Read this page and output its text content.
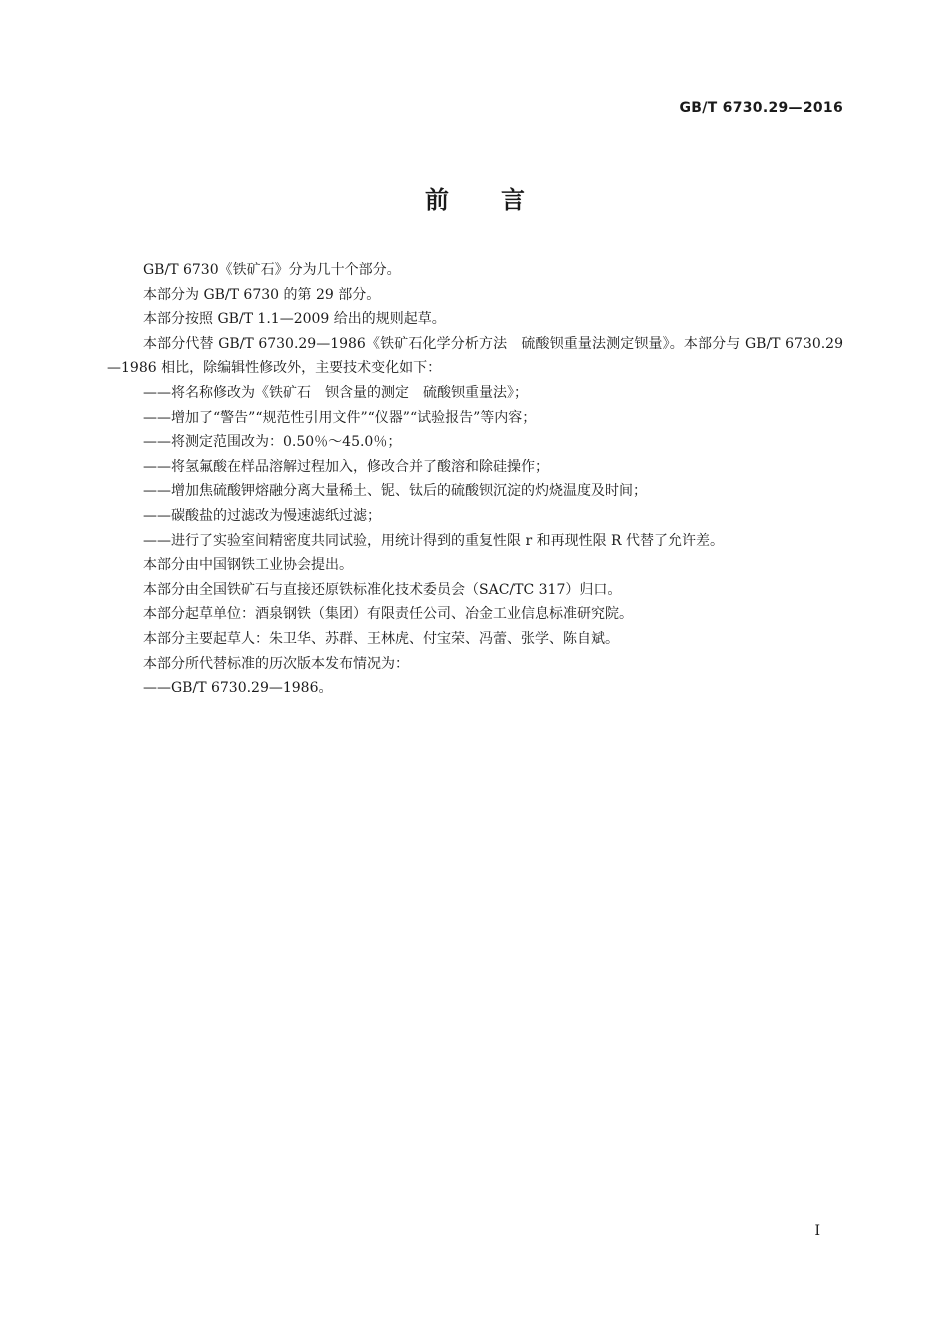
GB/T 6730.29—2016

前言

GB/T 6730《铁矿石》分为几十个部分。

本部分为 GB/T 6730 的第 29 部分。

本部分按照 GB/T 1.1—2009 给出的规则起草。

本部分代替 GB/T 6730.29—1986《铁矿石化学分析方法　硫酸钡重量法测定钡量》。本部分与 GB/T 6730.29—1986 相比，除编辑性修改外，主要技术变化如下：

——将名称修改为《铁矿石　钡含量的测定　硫酸钡重量法》；

——增加了“警告”“规范性引用文件”“仪器”“试验报告”等内容；

——将测定范围改为：0.50％～45.0％；

——将氢氟酸在样品溶解过程加入，修改合并了酸溶和除硅操作；

——增加焦硫酸钾熔融分离大量稀土、铌、钛后的硫酸钡沉淀的灼烧温度及时间；

——碳酸盐的过滤改为慢速滤纸过滤；

——进行了实验室间精密度共同试验，用统计得到的重复性限 r 和再现性限 R 代替了允许差。

本部分由中国钢铁工业协会提出。

本部分由全国铁矿石与直接还原铁标准化技术委员会（SAC/TC 317）归口。

本部分起草单位：酒泉钢铁（集团）有限责任公司、冶金工业信息标准研究院。

本部分主要起草人：朱卫华、苏群、王林虎、付宝荣、冯蕾、张学、陈自斌。

本部分所代替标准的历次版本发布情况为：

——GB/T 6730.29—1986。

I
